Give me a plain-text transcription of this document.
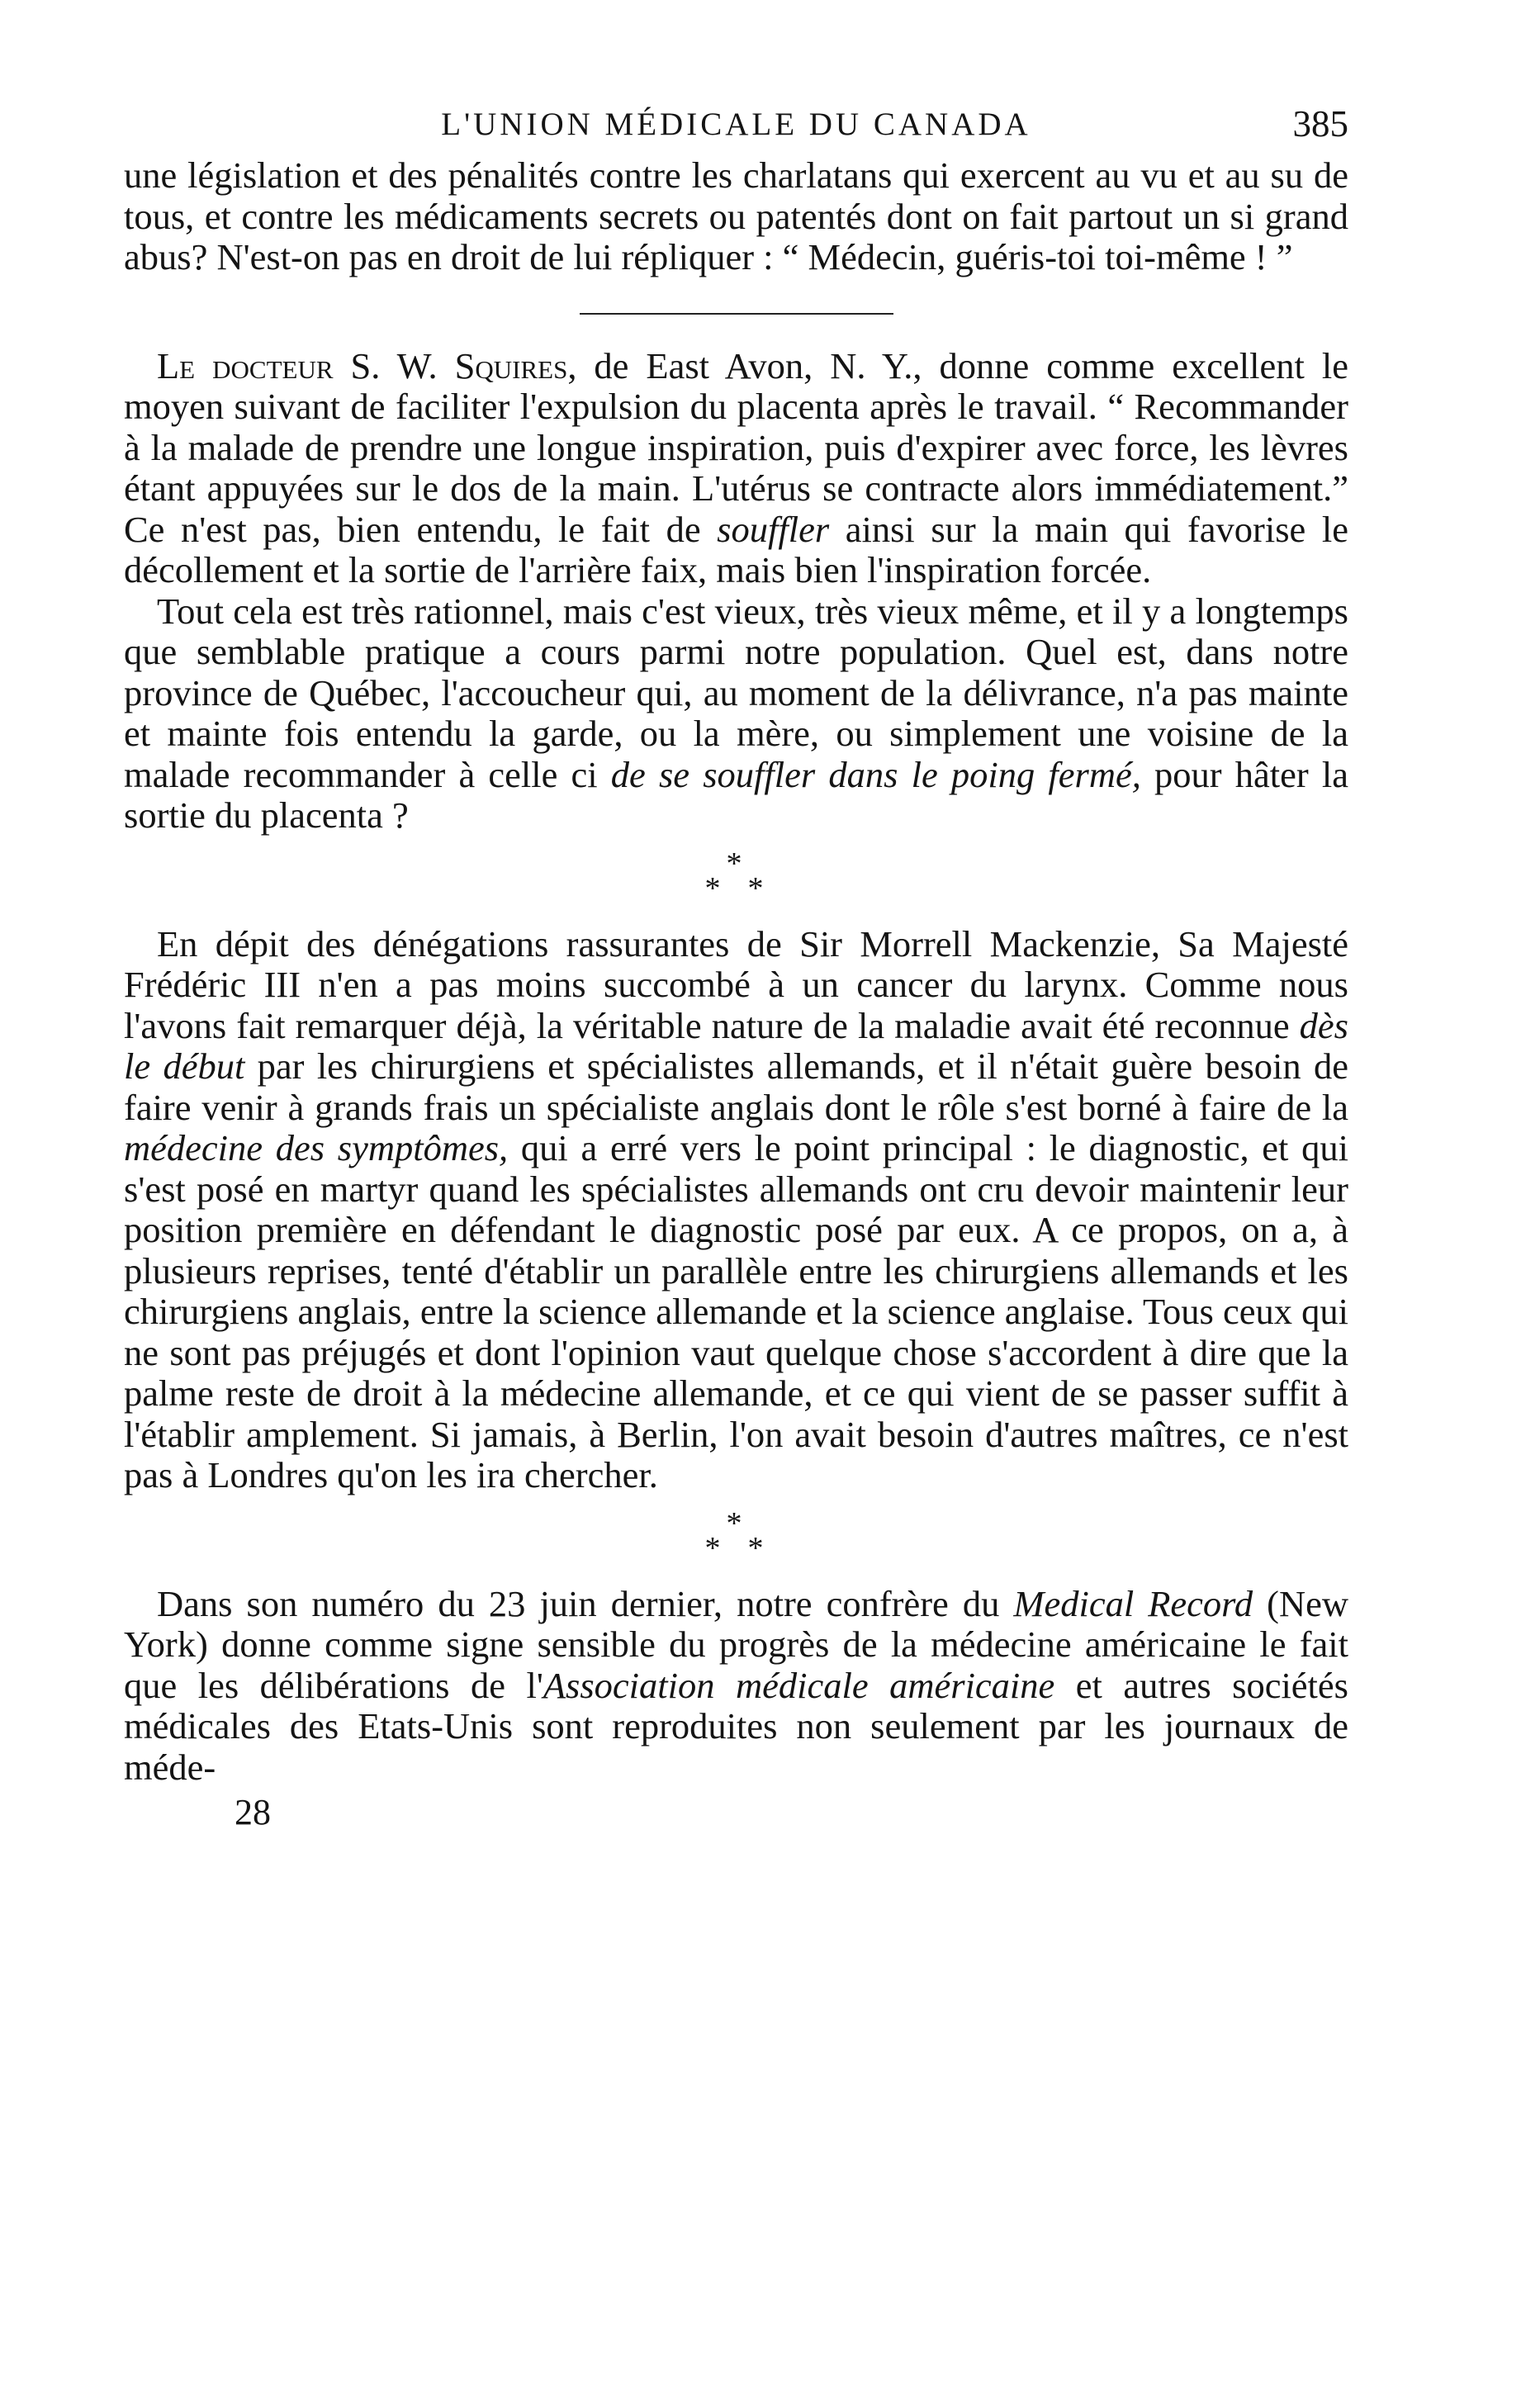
L'UNION MÉDICALE DU CANADA	385

une législation et des pénalités contre les charlatans qui exercent au vu et au su de tous, et contre les médicaments secrets ou patentés dont on fait partout un si grand abus? N'est-on pas en droit de lui répliquer : “ Médecin, guéris-toi toi-même ! ”

Le docteur S. W. Squires, de East Avon, N. Y., donne comme excellent le moyen suivant de faciliter l'expulsion du placenta après le travail. “ Recommander à la malade de prendre une longue inspiration, puis d'expirer avec force, les lèvres étant appuyées sur le dos de la main. L'utérus se contracte alors immédiatement.” Ce n'est pas, bien entendu, le fait de souffler ainsi sur la main qui favorise le décollement et la sortie de l'arrière faix, mais bien l'inspiration forcée.

Tout cela est très rationnel, mais c'est vieux, très vieux même, et il y a longtemps que semblable pratique a cours parmi notre population. Quel est, dans notre province de Québec, l'accoucheur qui, au moment de la délivrance, n'a pas mainte et mainte fois entendu la garde, ou la mère, ou simplement une voisine de la malade recommander à celle ci de se souffler dans le poing fermé, pour hâter la sortie du placenta ?

*
* *

En dépit des dénégations rassurantes de Sir Morrell Mackenzie, Sa Majesté Frédéric III n'en a pas moins succombé à un cancer du larynx. Comme nous l'avons fait remarquer déjà, la véritable nature de la maladie avait été reconnue dès le début par les chirurgiens et spécialistes allemands, et il n'était guère besoin de faire venir à grands frais un spécialiste anglais dont le rôle s'est borné à faire de la médecine des symptômes, qui a erré vers le point principal : le diagnostic, et qui s'est posé en martyr quand les spécialistes allemands ont cru devoir maintenir leur position première en défendant le diagnostic posé par eux. A ce propos, on a, à plusieurs reprises, tenté d'établir un parallèle entre les chirurgiens allemands et les chirurgiens anglais, entre la science allemande et la science anglaise. Tous ceux qui ne sont pas préjugés et dont l'opinion vaut quelque chose s'accordent à dire que la palme reste de droit à la médecine allemande, et ce qui vient de se passer suffit à l'établir amplement. Si jamais, à Berlin, l'on avait besoin d'autres maîtres, ce n'est pas à Londres qu'on les ira chercher.

*
* *

Dans son numéro du 23 juin dernier, notre confrère du Medical Record (New York) donne comme signe sensible du progrès de la médecine américaine le fait que les délibérations de l'Association médicale américaine et autres sociétés médicales des Etats-Unis sont reproduites non seulement par les journaux de méde-

28
